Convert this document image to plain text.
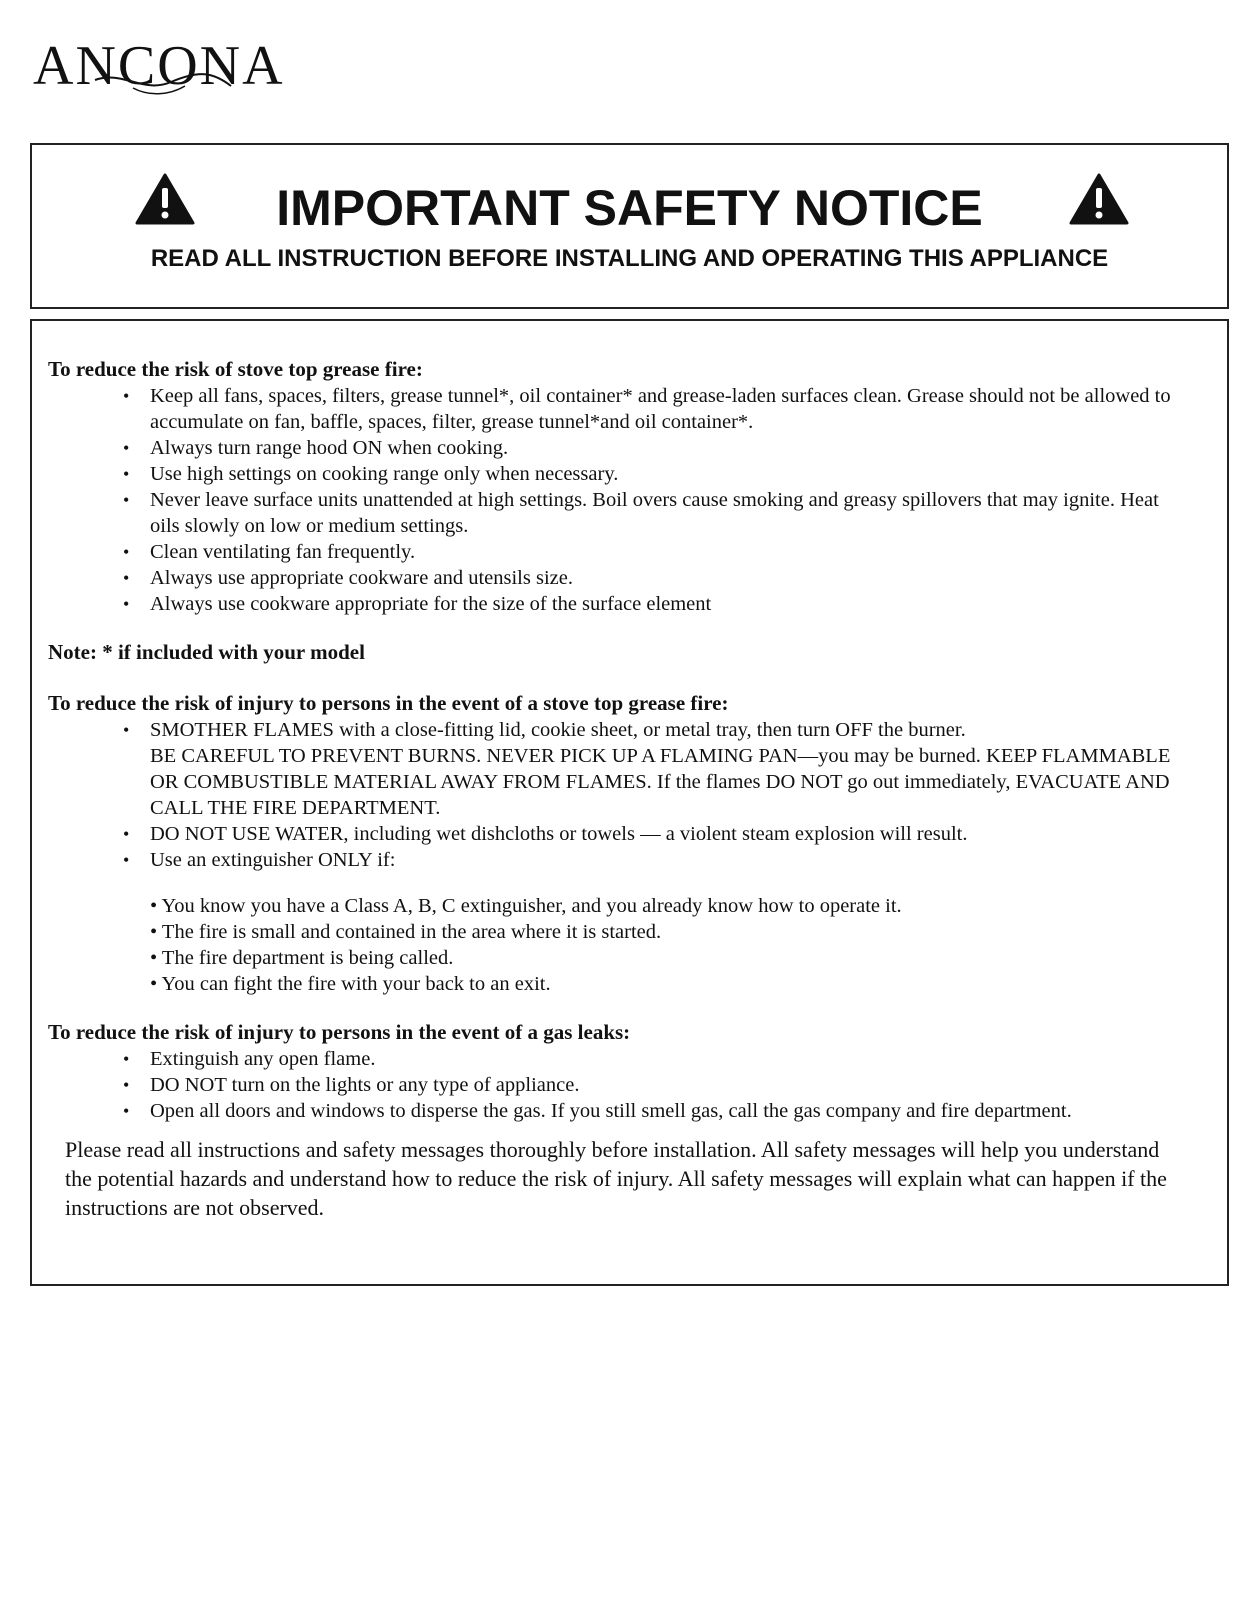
ANCONA
IMPORTANT SAFETY NOTICE
READ ALL INSTRUCTION BEFORE INSTALLING AND OPERATING THIS APPLIANCE
To reduce the risk of stove top grease fire:
• Keep all fans, spaces, filters, grease tunnel*, oil container* and grease-laden surfaces clean. Grease should not be allowed to accumulate on fan, baffle, spaces, filter, grease tunnel*and oil container*.
• Always turn range hood ON when cooking.
• Use high settings on cooking range only when necessary.
• Never leave surface units unattended at high settings. Boil overs cause smoking and greasy spillovers that may ignite. Heat oils slowly on low or medium settings.
• Clean ventilating fan frequently.
• Always use appropriate cookware and utensils size.
• Always use cookware appropriate for the size of the surface element
Note: * if included with your model
To reduce the risk of injury to persons in the event of a stove top grease fire:
• SMOTHER FLAMES with a close-fitting lid, cookie sheet, or metal tray, then turn OFF the burner.
BE CAREFUL TO PREVENT BURNS. NEVER PICK UP A FLAMING PAN—you may be burned. KEEP FLAMMABLE OR COMBUSTIBLE MATERIAL AWAY FROM FLAMES. If the flames DO NOT go out immediately, EVACUATE AND CALL THE FIRE DEPARTMENT.
• DO NOT USE WATER, including wet dishcloths or towels — a violent steam explosion will result.
• Use an extinguisher ONLY if:
• You know you have a Class A, B, C extinguisher, and you already know how to operate it.
• The fire is small and contained in the area where it is started.
• The fire department is being called.
• You can fight the fire with your back to an exit.
To reduce the risk of injury to persons in the event of a gas leaks:
• Extinguish any open flame.
• DO NOT turn on the lights or any type of appliance.
• Open all doors and windows to disperse the gas. If you still smell gas, call the gas company and fire department.
Please read all instructions and safety messages thoroughly before installation. All safety messages will help you understand the potential hazards and understand how to reduce the risk of injury. All safety messages will explain what can happen if the instructions are not observed.
